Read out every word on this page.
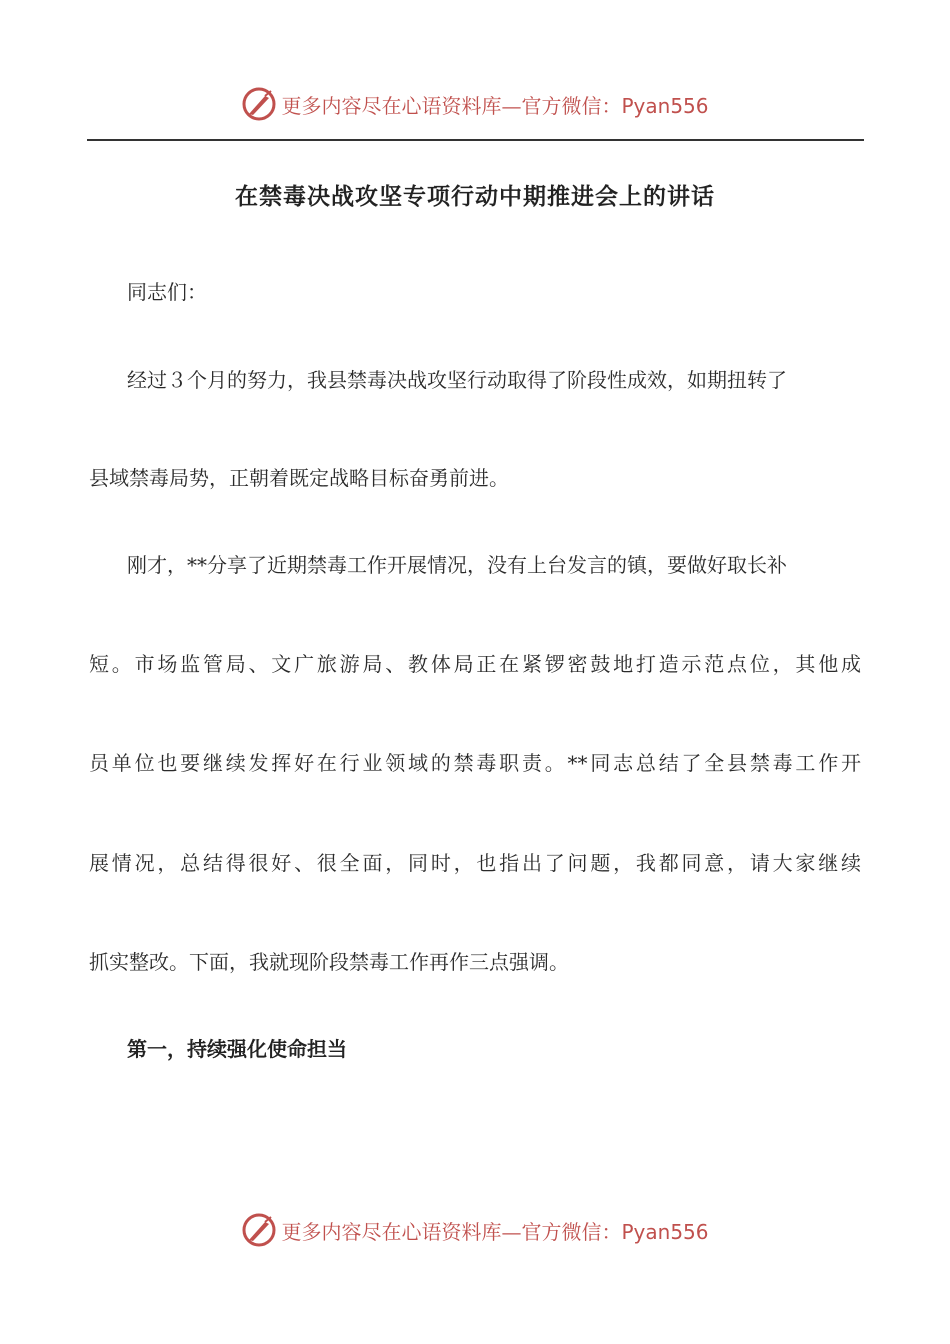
更多内容尽在心语资料库—官方微信：Pyan556
在禁毒决战攻坚专项行动中期推进会上的讲话
同志们：
经过３个月的努力，我县禁毒决战攻坚行动取得了阶段性成效，如期扭转了
县域禁毒局势，正朝着既定战略目标奋勇前进。
刚才，**分享了近期禁毒工作开展情况，没有上台发言的镇，要做好取长补
短。市场监管局、文广旅游局、教体局正在紧锣密鼓地打造示范点位，其他成
员单位也要继续发挥好在行业领域的禁毒职责。**同志总结了全县禁毒工作开
展情况，总结得很好、很全面，同时，也指出了问题，我都同意，请大家继续
抓实整改。下面，我就现阶段禁毒工作再作三点强调。
第一，持续强化使命担当
更多内容尽在心语资料库—官方微信：Pyan556
